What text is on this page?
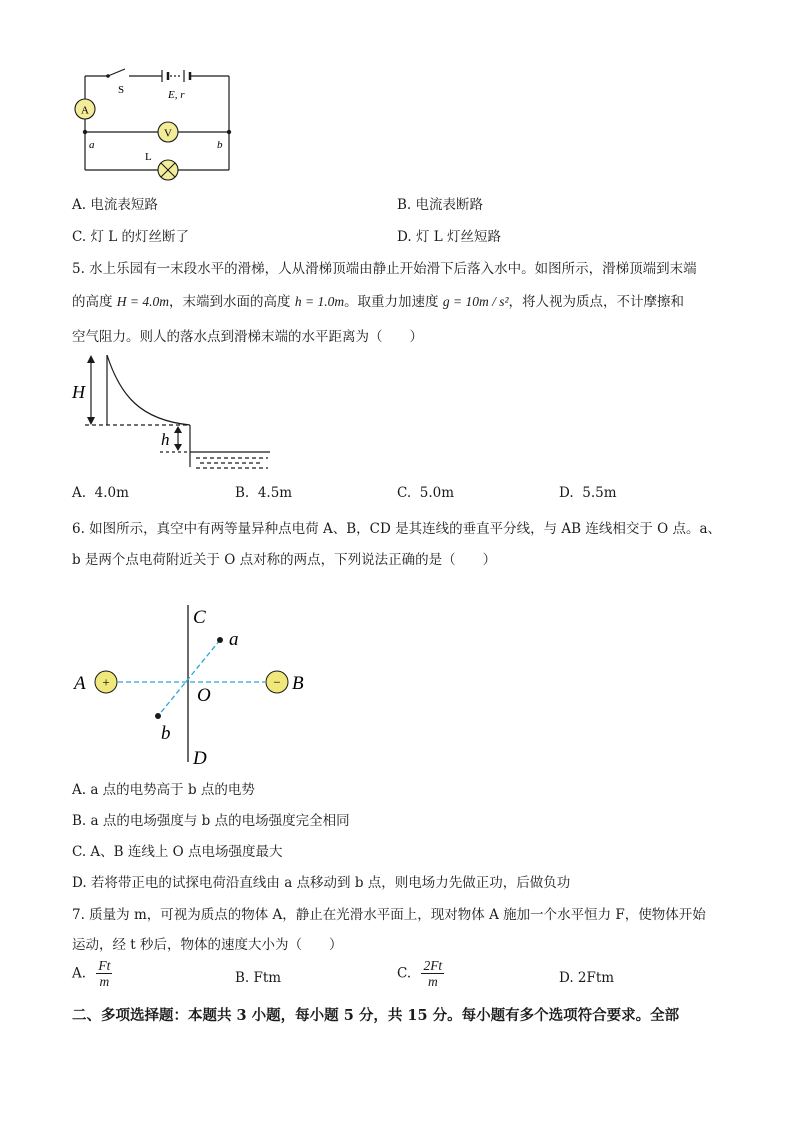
A
V
S	E, r
L
a	b
A. 电流表短路	B. 电流表断路
C. 灯 L 的灯丝断了	D. 灯 L 灯丝短路
5. 水上乐园有一末段水平的滑梯，人从滑梯顶端由静止开始滑下后落入水中。如图所示，滑梯顶端到末端
的高度 H = 4.0m，末端到水面的高度 h = 1.0m。取重力加速度 g = 10m / s²，将人视为质点，不计摩擦和
空气阻力。则人的落水点到滑梯末端的水平距离为（　　）
H
h
A. 4.0m	B. 4.5m	C. 5.0m	D. 5.5m
6. 如图所示，真空中有两等量异种点电荷 A、B，CD 是其连线的垂直平分线，与 AB 连线相交于 O 点。a、
b 是两个点电荷附近关于 O 点对称的两点，下列说法正确的是（　　）
+	−
A	B
C
D
O
a
b
A. a 点的电势高于 b 点的电势
B. a 点的电场强度与 b 点的电场强度完全相同
C. A、B 连线上 O 点电场强度最大
D. 若将带正电的试探电荷沿直线由 a 点移动到 b 点，则电场力先做正功，后做负功
7. 质量为 m，可视为质点的物体 A，静止在光滑水平面上，现对物体 A 施加一个水平恒力 F，使物体开始
运动，经 t 秒后，物体的速度大小为（　　）
A. $\frac{Ft}{m}$	B. Ftm	C. $\frac{2Ft}{m}$	D. 2Ftm
二、多项选择题：本题共 3 小题，每小题 5 分，共 15 分。每小题有多个选项符合要求。全部
